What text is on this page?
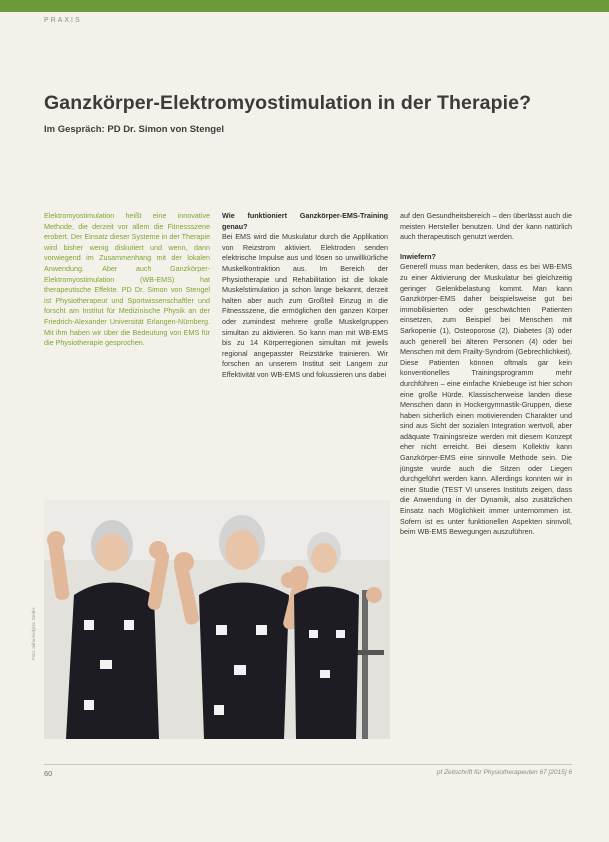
PRAXIS
Ganzkörper-Elektromyostimulation in der Therapie?
Im Gespräch: PD Dr. Simon von Stengel

Elektromyostimulation heißt eine innovative Methode, die derzeit vor allem die Fitnessszene erobert. Der Einsatz dieser Systeme in der Therapie wird bisher wenig diskutiert und wenn, dann vorwiegend im Zusammenhang mit der lokalen Anwendung. Aber auch Ganzkörper-Elektromyostimulation (WB-EMS) hat therapeutische Effekte. PD Dr. Simon von Stengel ist Physiotherapeut und Sportwissenschaftler und forscht am Institut für Medizinische Physik an der Friedrich-Alexander Universität Erlangen-Nürnberg. Mit ihm haben wir über die Bedeutung von EMS für die Physiotherapie gesprochen.

Wie funktioniert Ganzkörper-EMS-Training genau?

Bei EMS wird die Muskulatur durch die Applikation von Reizstrom aktiviert. Elektroden senden elektrische Impulse aus und lösen so unwillkürliche Muskelkontraktion aus. Im Bereich der Physiotherapie und Rehabilitation ist die lokale Muskelstimulation ja schon lange bekannt, derzeit halten aber auch zum Großteil Einzug in die Fitnessszene, die ermöglichen den ganzen Körper oder zumindest mehrere große Muskelgruppen simultan zu aktivieren. So kann man mit WB-EMS bis zu 14 Körperregionen simultan mit jeweils regional angepasster Reizstärke trainieren. Wir forschen an unserem Institut seit Langem zur Effektivität von WB-EMS und fokussieren uns dabei

auf den Gesundheitsbereich – den überlässt auch die meisten Hersteller benutzen. Und der kann natürlich auch therapeutisch genutzt werden.

Inwiefern?

Generell muss man bedenken, dass es bei WB-EMS zu einer Aktivierung der Muskulatur bei gleichzeitig geringer Gelenkbelastung kommt. Man kann Ganzkörper-EMS daher beispielsweise gut bei immobilisierten oder geschwächten Patienten einsetzen, zum Beispiel bei Menschen mit Sarkopenie (1), Osteoporose (2), Diabetes (3) oder auch generell bei älteren Personen (4) oder bei Menschen mit dem Frailty-Syndrom (Gebrechlichkeit). Diese Patienten können oftmals gar kein konventionelles Trainingsprogramm mehr durchführen – eine einfache Kniebeuge ist hier schon eine große Hürde. Klassischerweise landen diese Menschen dann in Hockergymnastik-Gruppen, diese haben sicherlich einen motivierenden Charakter und sind aus Sicht der sozialen Integration wertvoll, aber adäquate Trainingsreize werden mit diesem Konzept eher nicht erreicht. Bei diesem Kollektiv kann Ganzkörper-EMS eine sinnvolle Methode sein. Die jüngste wurde auch die Sitzen oder Liegen durchgeführt werden kann. Allerdings konnten wir in einer Studie (TEST VI unseres Instituts zeigen, dass die Anwendung in der Dynamik, also zusätzlichen Einsatz nach Möglichkeit immer unternommen ist. Sofern ist es unter funktionellen Aspekten sinnvoll, beim WB-EMS Bewegungen auszuführen.

Foto: miha bodytec GmbH
60	pt Zeitschrift für Physiotherapeuten 67 [2015] 6
